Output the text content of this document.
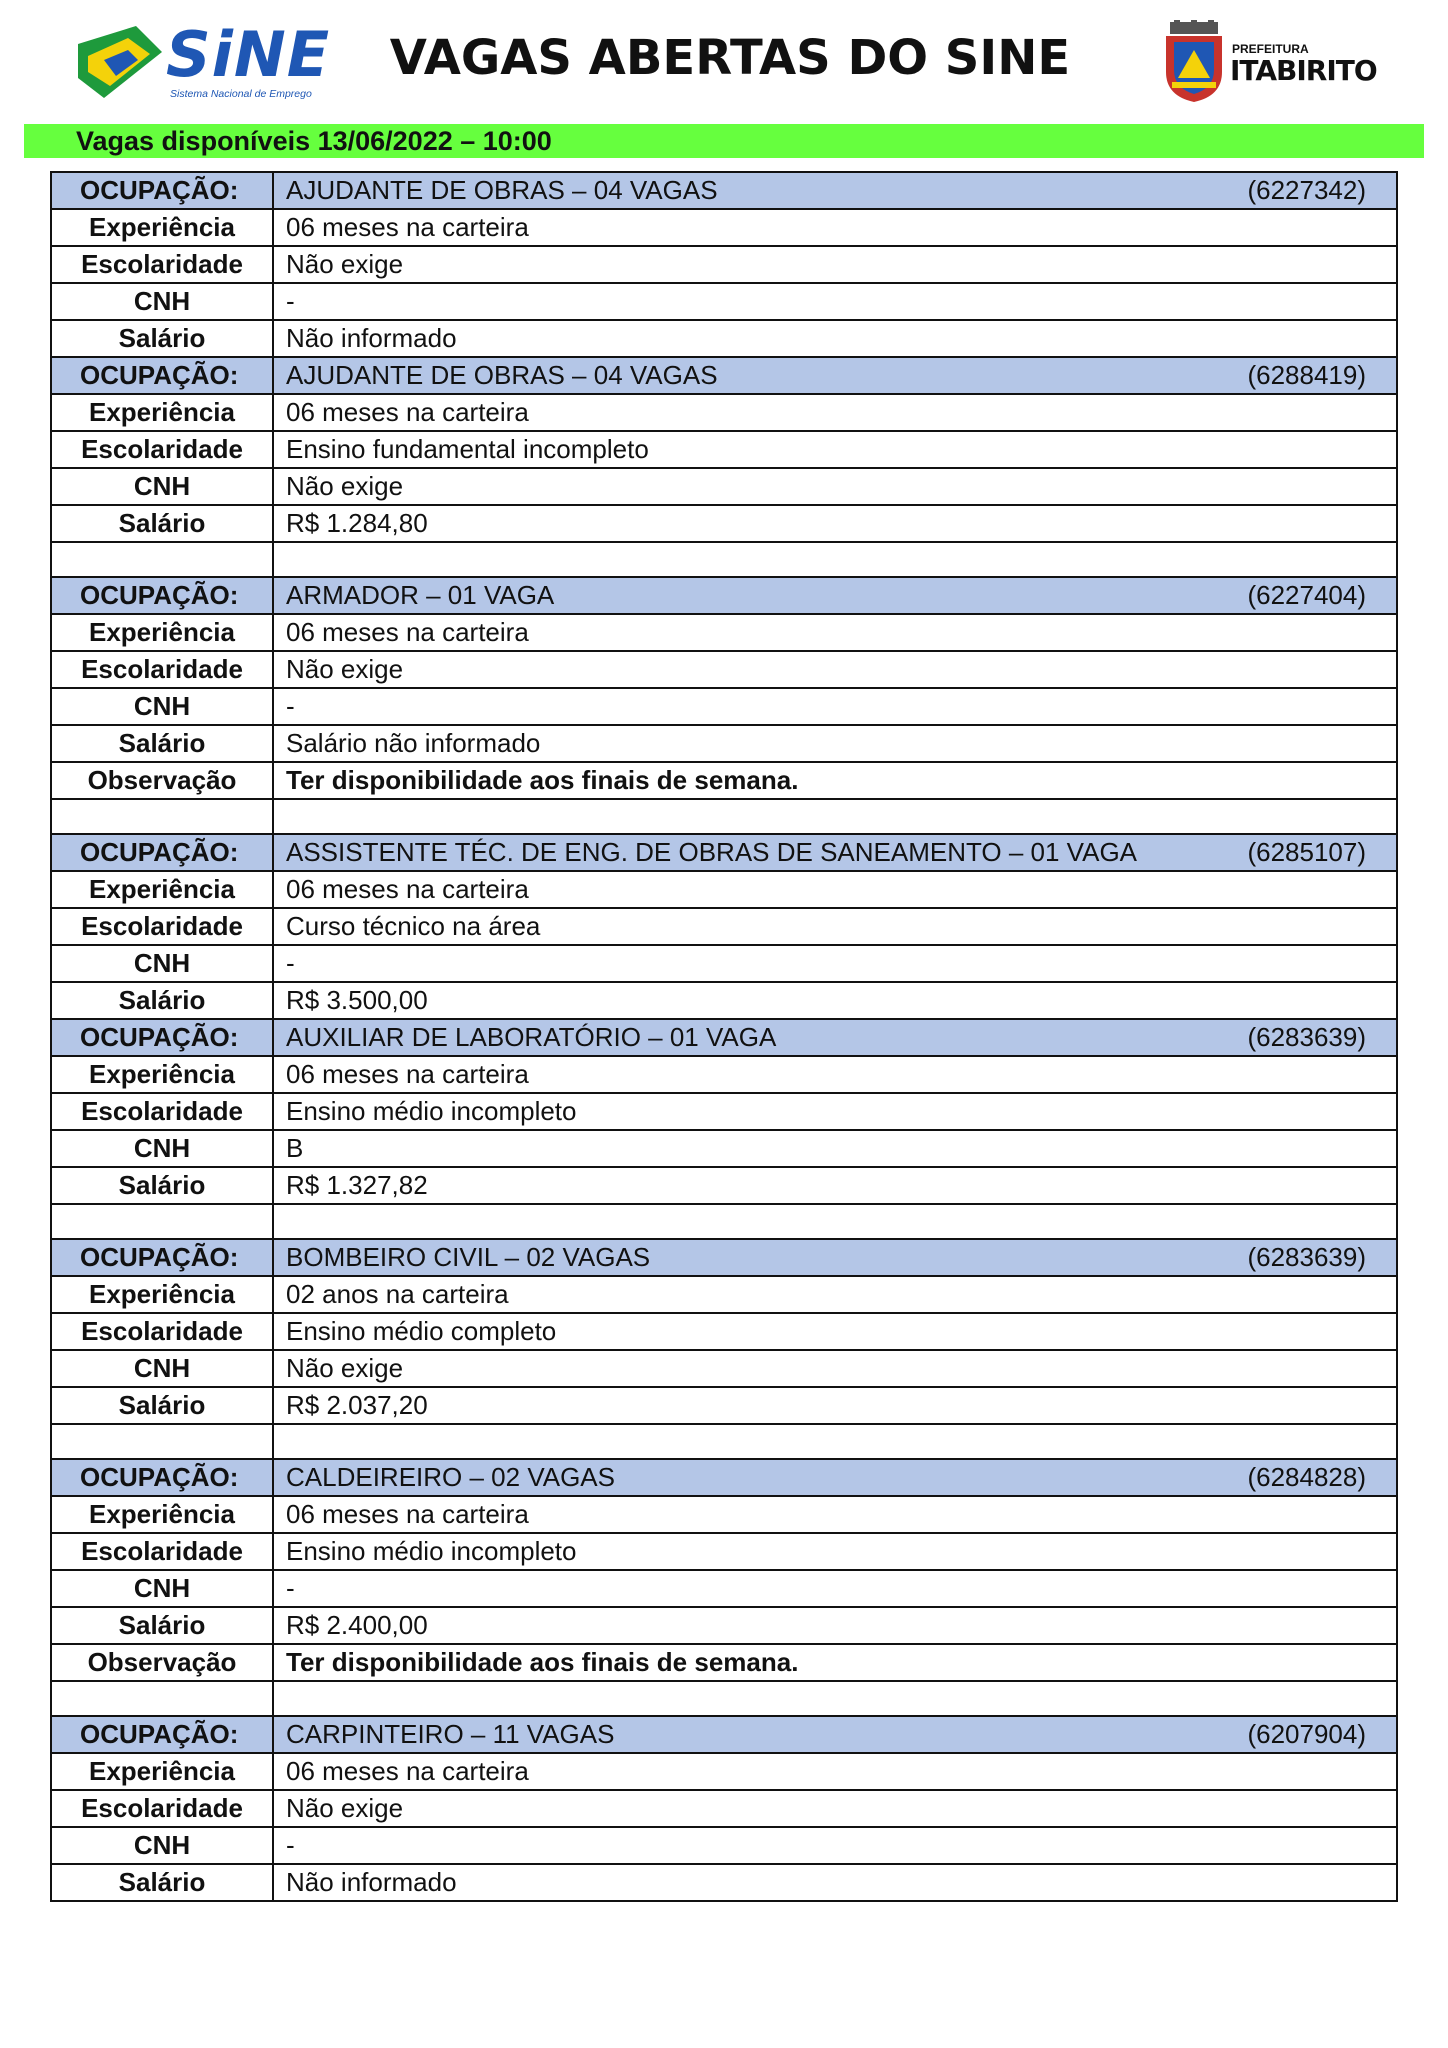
SiNE
Sistema Nacional de Emprego
VAGAS ABERTAS DO SINE	PREFEITURA
ITABIRITO
Vagas disponíveis 13/06/2022 – 10:00
OCUPAÇÃO:	AJUDANTE DE OBRAS – 04 VAGAS (6227342)

Experiência	06 meses na carteira
Escolaridade	Não exige
CNH	-
Salário	Não informado
OCUPAÇÃO:	AJUDANTE DE OBRAS – 04 VAGAS (6288419)

Experiência	06 meses na carteira
Escolaridade	Ensino fundamental incompleto
CNH	Não exige
Salário	R$ 1.284,80

OCUPAÇÃO:	ARMADOR – 01 VAGA (6227404)

Experiência	06 meses na carteira
Escolaridade	Não exige
CNH	-
Salário	Salário não informado
Observação	Ter disponibilidade aos finais de semana.

OCUPAÇÃO:	ASSISTENTE TÉC. DE ENG. DE OBRAS DE SANEAMENTO – 01 VAGA (6285107)

Experiência	06 meses na carteira
Escolaridade	Curso técnico na área
CNH	-
Salário	R$ 3.500,00
OCUPAÇÃO:	AUXILIAR DE LABORATÓRIO – 01 VAGA (6283639)

Experiência	06 meses na carteira
Escolaridade	Ensino médio incompleto
CNH	B
Salário	R$ 1.327,82

OCUPAÇÃO:	BOMBEIRO CIVIL – 02 VAGAS (6283639)

Experiência	02 anos na carteira
Escolaridade	Ensino médio completo
CNH	Não exige
Salário	R$ 2.037,20

OCUPAÇÃO:	CALDEIREIRO – 02 VAGAS (6284828)

Experiência	06 meses na carteira
Escolaridade	Ensino médio incompleto
CNH	-
Salário	R$ 2.400,00
Observação	Ter disponibilidade aos finais de semana.

OCUPAÇÃO:	CARPINTEIRO – 11 VAGAS (6207904)

Experiência	06 meses na carteira
Escolaridade	Não exige
CNH	-
Salário	Não informado
